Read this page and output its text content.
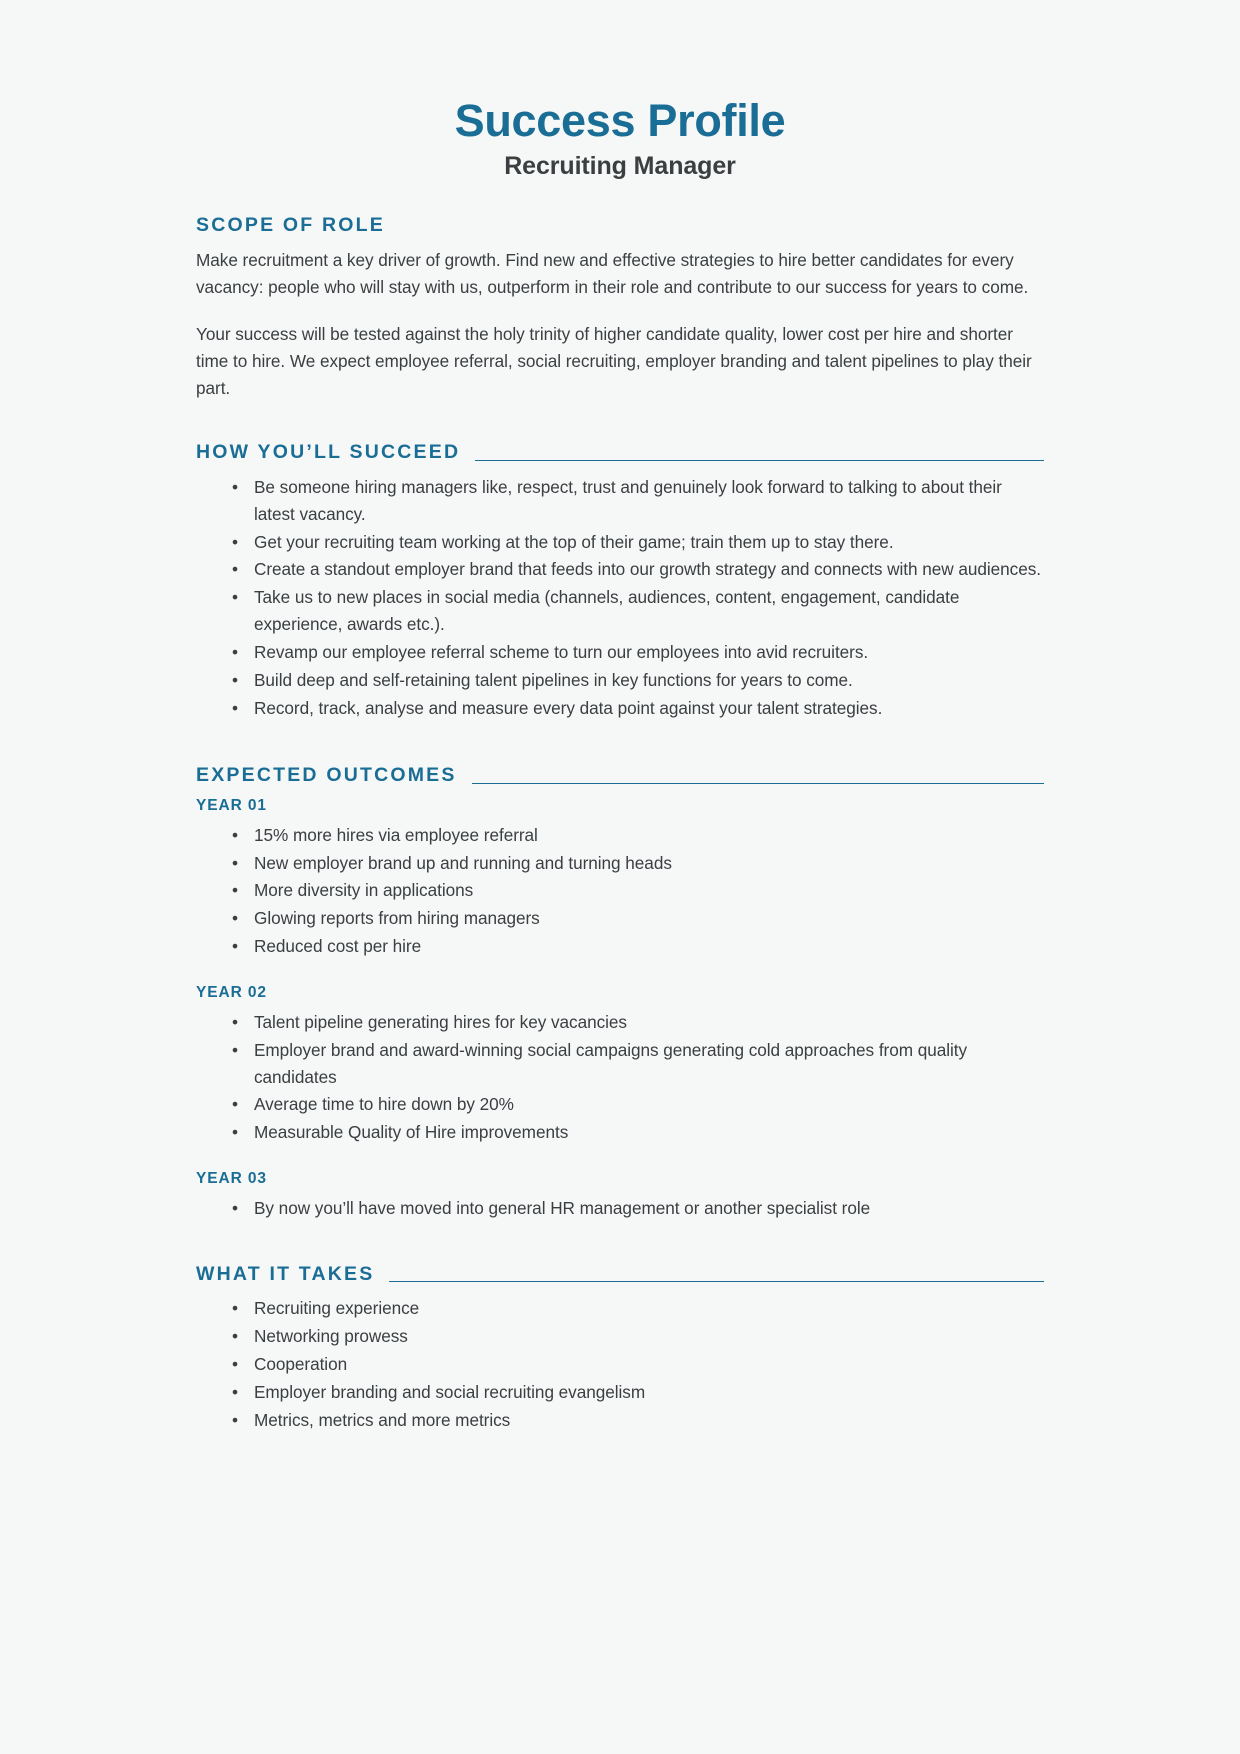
Success Profile
Recruiting Manager
SCOPE OF ROLE

Make recruitment a key driver of growth. Find new and effective strategies to hire better candidates for every vacancy: people who will stay with us, outperform in their role and contribute to our success for years to come.

Your success will be tested against the holy trinity of higher candidate quality, lower cost per hire and shorter time to hire. We expect employee referral, social recruiting, employer branding and talent pipelines to play their part.

HOW YOU’LL SUCCEED
• Be someone hiring managers like, respect, trust and genuinely look forward to talking to about their latest vacancy.
• Get your recruiting team working at the top of their game; train them up to stay there.
• Create a standout employer brand that feeds into our growth strategy and connects with new audiences.
• Take us to new places in social media (channels, audiences, content, engagement, candidate experience, awards etc.).
• Revamp our employee referral scheme to turn our employees into avid recruiters.
• Build deep and self-retaining talent pipelines in key functions for years to come.
• Record, track, analyse and measure every data point against your talent strategies.
EXPECTED OUTCOMES
YEAR 01
• 15% more hires via employee referral
• New employer brand up and running and turning heads
• More diversity in applications
• Glowing reports from hiring managers
• Reduced cost per hire
YEAR 02
• Talent pipeline generating hires for key vacancies
• Employer brand and award-winning social campaigns generating cold approaches from quality candidates
• Average time to hire down by 20%
• Measurable Quality of Hire improvements
YEAR 03
• By now you’ll have moved into general HR management or another specialist role
WHAT IT TAKES
• Recruiting experience
• Networking prowess
• Cooperation
• Employer branding and social recruiting evangelism
• Metrics, metrics and more metrics
